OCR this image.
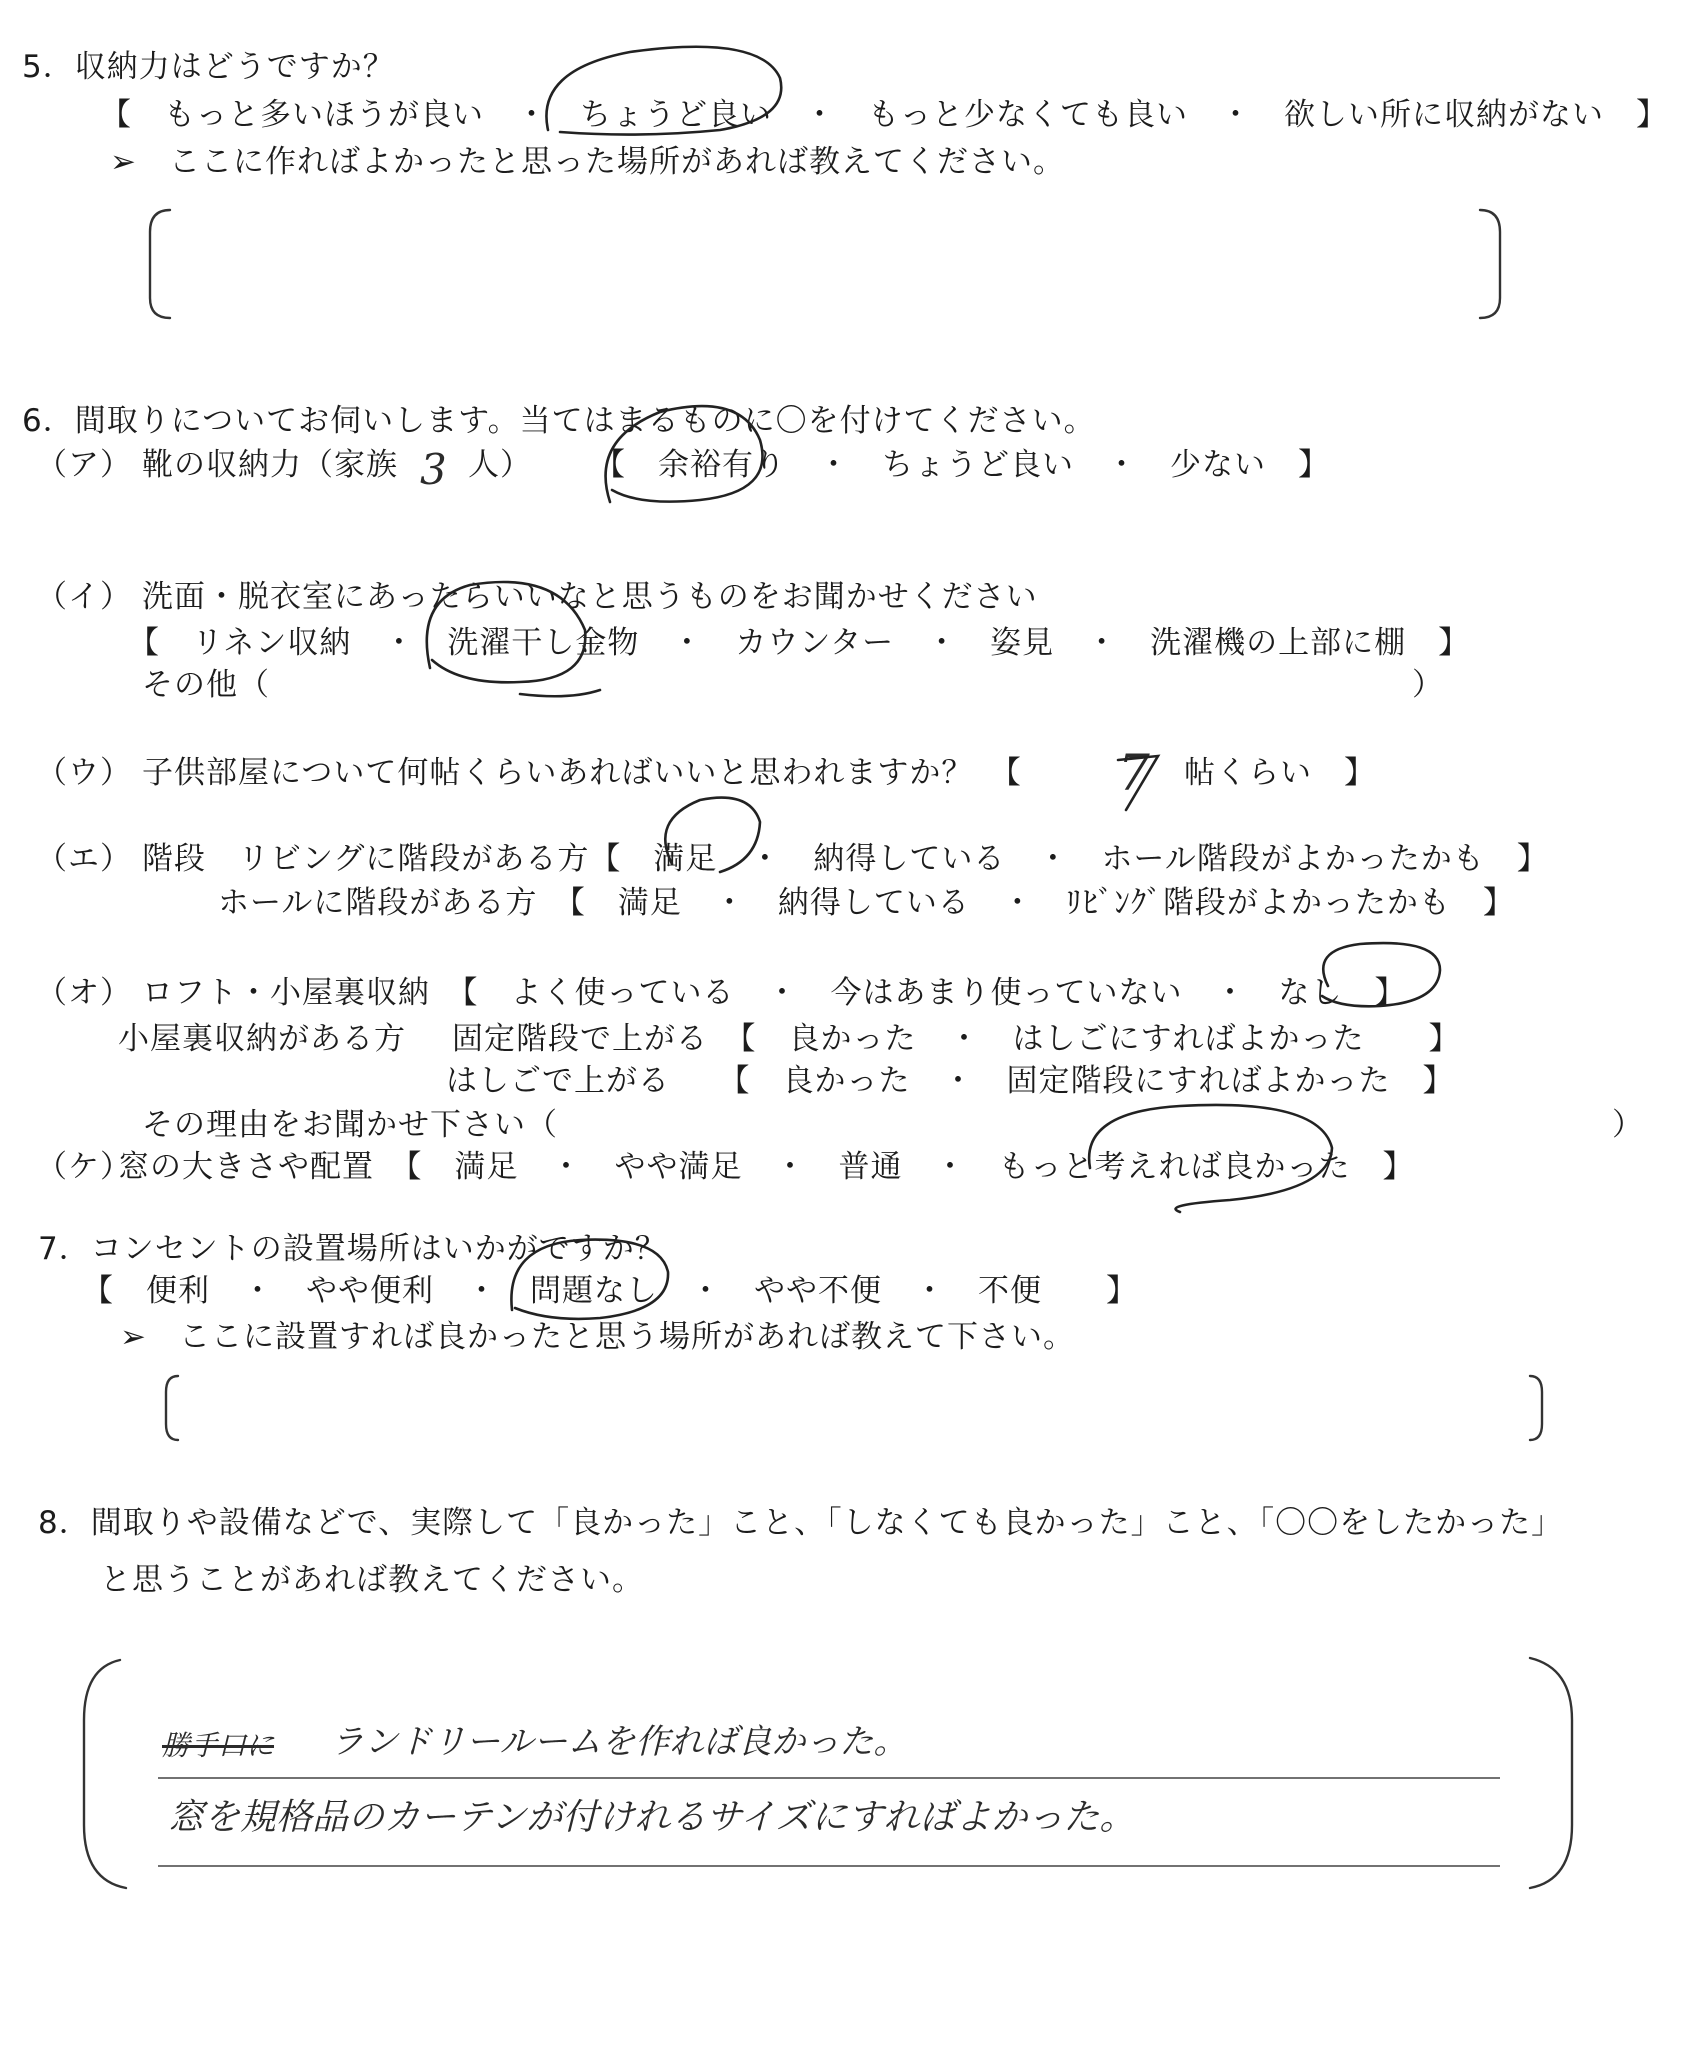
5．収納力はどうですか？
【　もっと多いほうが良い　・　ちょうど良い　・　もっと少なくても良い　・　欲しい所に収納がない　】
➢　ここに作ればよかったと思った場所があれば教えてください。
6．間取りについてお伺いします。当てはまるものに〇を付けてください。
（ア） 靴の収納力（家族 3 人） 【　余裕有り　・　ちょうど良い　・　少ない　】
（イ） 洗面・脱衣室にあったらいいなと思うものをお聞かせください
【　リネン収納　・　洗濯干し金物　・　カウンター　・　姿見　・　洗濯機の上部に棚　】
その他（	）
（ウ） 子供部屋について何帖くらいあればいいと思われますか？　【 7 帖くらい　】
（エ） 階段　リビングに階段がある方【　満足　・　納得している　・　ホール階段がよかったかも　】
ホールに階段がある方　【　満足　・　納得している　・　ﾘﾋﾞﾝｸﾞ階段がよかったかも　】
（オ） ロフト・小屋裏収納　【　よく使っている　・　今はあまり使っていない　・　なし　】
小屋裏収納がある方 固定階段で上がる　【　良かった　・　はしごにすればよかった　　】
はしごで上がる　　【　良かった　・　固定階段にすればよかった　】
その理由をお聞かせ下さい（	）
（ケ）
窓の大きさや配置　【　満足　・　やや満足　・　普通　・　もっと考えれば良かった　】
7．コンセントの設置場所はいかがですか？
【　便利　・　やや便利　・　問題なし　・　やや不便　・　不便　　】
➢　ここに設置すれば良かったと思う場所があれば教えて下さい。
8．間取りや設備などで、実際して「良かった」こと、「しなくても良かった」こと、「〇〇をしたかった」
と思うことがあれば教えてください。
勝手口に ランドリールームを作れば良かった。
窓を規格品のカーテンが付けれるサイズにすればよかった。
